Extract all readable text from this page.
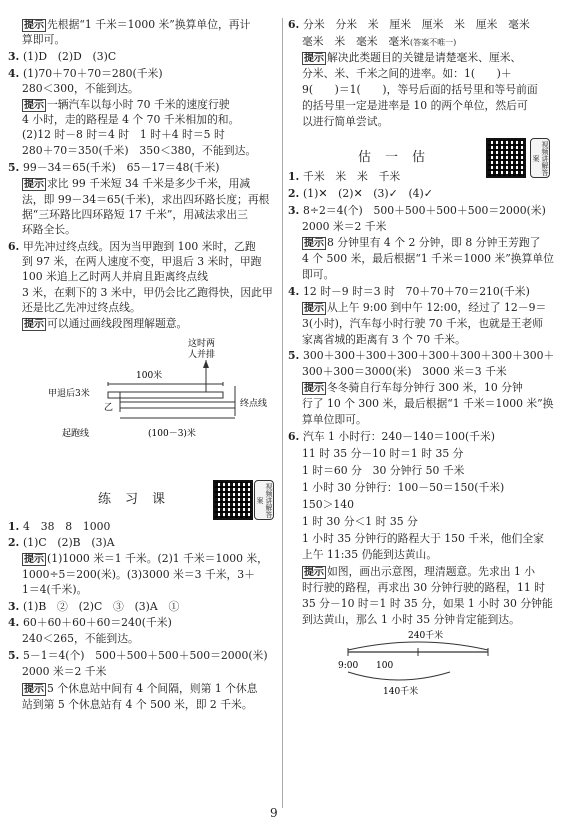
提示 先根据“1 千米＝1000 米”换算单位，再计
算即可。
3. (1)D　(2)D　(3)C
4. (1)70＋70＋70＝280(千米)
280＜300，不能到达。
提示 一辆汽车以每小时 70 千米的速度行驶
4 小时，走的路程是 4 个 70 千米相加的和。
(2)12 时－8 时＝4 时　1 时＋4 时＝5 时
280＋70＝350(千米)　350＜380，不能到达。
5. 99－34＝65(千米)　65－17＝48(千米)
提示 求比 99 千米短 34 千米是多少千米，用减
法，即 99－34＝65(千米)，求出四环路长度；再根
据“三环路比四环路短 17 千米”，用减法求出三
环路全长。
6. 甲先冲过终点线。因为当甲跑到 100 米时，乙跑
到 97 米，在两人速度不变，甲退后 3 米时，甲跑
100 米追上乙时两人并肩且距离终点线
3 米，在剩下的 3 米中，甲仍会比乙跑得快，因此甲
还是比乙先冲过终点线。
提示 可以通过画线段图理解题意。
1. 4　38　8　1000
2. (1)C　(2)B　(3)A
提示 (1)1000 米＝1 千米。(2)1 千米＝1000 米，
1000÷5＝200(米)。(3)3000 米＝3 千米，3＋
1＝4(千米)。
3. (1)B　②　(2)C　③　(3)A　①
4. 60＋60＋60＋60＝240(千米)
240＜265，不能到达。
5. 5－1＝4(个)　500＋500＋500＋500＝2000(米)
2000 米＝2 千米
提示 5 个休息站中间有 4 个间隔，则第 1 个休息
站到第 5 个休息站有 4 个 500 米，即 2 千米。
这时两
人并排
100米
甲退后3米
乙	终点线
起跑线	(100－3)米
练习课	视频讲解答案
6. 分米　分米　米　厘米　厘米　米　厘米　毫米
毫米　米　毫米　毫米(答案不唯一)
提示 解决此类题目的关键是请楚毫米、厘米、
分米、米、千米之间的进率。如：1(　　)＋
9(　　)＝1(　　)，等号后面的括号里和等号前面
的括号里一定是进率是 10 的两个单位，然后可
以进行简单尝试。
1. 千米　米　米　千米
2. (1)✕　(2)✕　(3)✓　(4)✓
3. 8÷2＝4(个)　500＋500＋500＋500＝2000(米)
2000 米＝2 千米
提示 8 分钟里有 4 个 2 分钟，即 8 分钟王芳跑了
4 个 500 米，最后根据“1 千米＝1000 米”换算单位
即可。
4. 12 时－9 时＝3 时　70＋70＋70＝210(千米)
提示 从上午 9:00 到中午 12:00，经过了 12－9＝
3(小时)，汽车每小时行驶 70 千米，也就是王老师
家离省城的距离有 3 个 70 千米。
5. 300＋300＋300＋300＋300＋300＋300＋300＋
300＋300＝3000(米)　3000 米＝3 千米
提示 冬冬骑自行车每分钟行 300 米，10 分钟
行了 10 个 300 米，最后根据“1 千米＝1000 米”换
算单位即可。
6. 汽车 1 小时行：240－140＝100(千米)
11 时 35 分－10 时＝1 时 35 分
1 时＝60 分　30 分钟行 50 千米
1 小时 30 分钟行：100－50＝150(千米)
150＞140
1 时 30 分＜1 时 35 分
1 小时 35 分钟行的路程大于 150 千米，他们全家
上午 11:35 仍能到达黄山。
提示 如图，画出示意图，理清题意。先求出 1 小
时行驶的路程，再求出 30 分钟行驶的路程，11 时
35 分－10 时＝1 时 35 分，如果 1 小时 30 分钟能
到达黄山，那么 1 小时 35 分钟肯定能到达。
估一估	视频讲解答案
240千米
9:00 100
140千米
9
